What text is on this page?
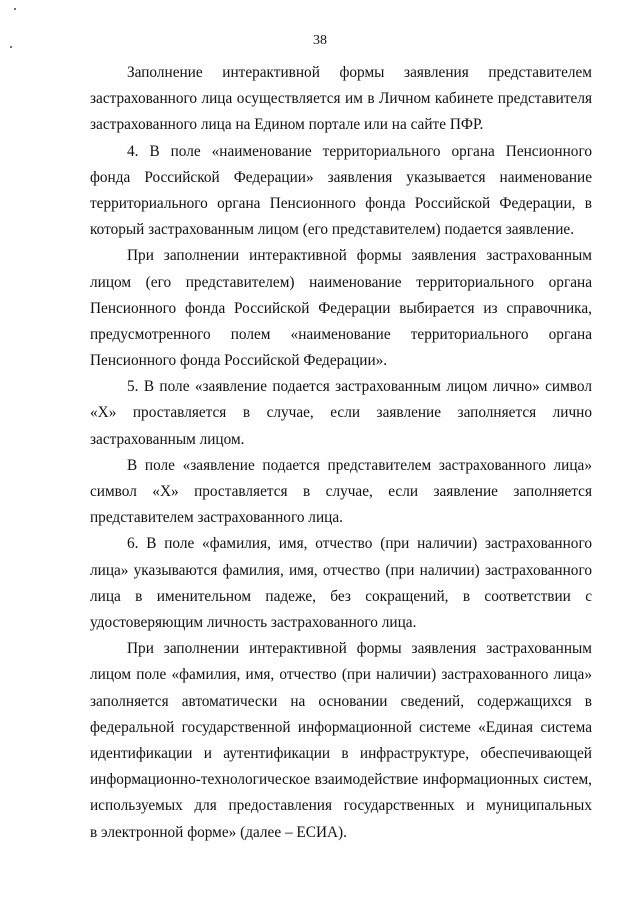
38
Заполнение интерактивной формы заявления представителем
застрахованного лица осуществляется им в Личном кабинете представителя
застрахованного лица на Едином портале или на сайте ПФР.
4. В поле «наименование территориального органа Пенсионного
фонда Российской Федерации» заявления указывается наименование
территориального органа Пенсионного фонда Российской Федерации, в
который застрахованным лицом (его представителем) подается заявление.
При заполнении интерактивной формы заявления застрахованным
лицом (его представителем) наименование территориального органа
Пенсионного фонда Российской Федерации выбирается из справочника,
предусмотренного полем «наименование территориального органа
Пенсионного фонда Российской Федерации».
5. В поле «заявление подается застрахованным лицом лично» символ
«Х» проставляется в случае, если заявление заполняется лично
застрахованным лицом.
В поле «заявление подается представителем застрахованного лица»
символ «Х» проставляется в случае, если заявление заполняется
представителем застрахованного лица.
6. В поле «фамилия, имя, отчество (при наличии) застрахованного
лица» указываются фамилия, имя, отчество (при наличии) застрахованного
лица в именительном падеже, без сокращений, в соответствии с
удостоверяющим личность застрахованного лица.
При заполнении интерактивной формы заявления застрахованным
лицом поле «фамилия, имя, отчество (при наличии) застрахованного лица»
заполняется автоматически на основании сведений, содержащихся в
федеральной государственной информационной системе «Единая система
идентификации и аутентификации в инфраструктуре, обеспечивающей
информационно-технологическое взаимодействие информационных систем,
используемых для предоставления государственных и муниципальных
в электронной форме» (далее – ЕСИА).
